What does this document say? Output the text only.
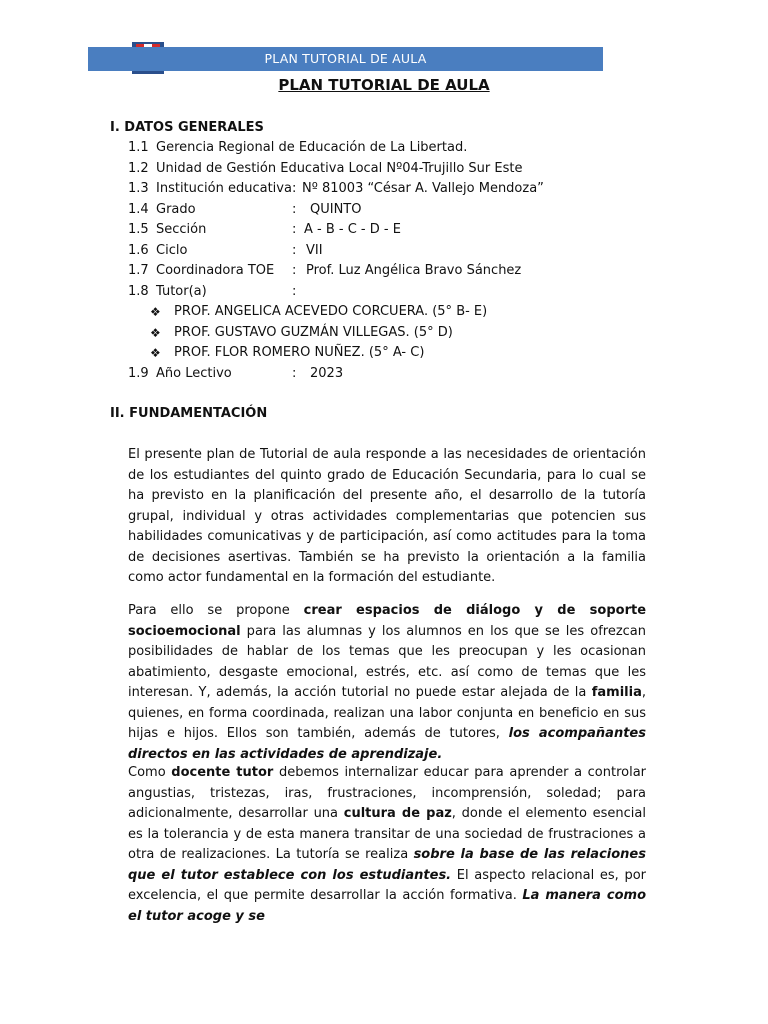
PLAN TUTORIAL DE AULA
PLAN TUTORIAL DE AULA
I. DATOS GENERALES
1.1 Gerencia Regional de Educación de La Libertad.
1.2 Unidad de Gestión Educativa Local Nº04-Trujillo Sur Este
1.3 Institución educativa: Nº 81003 “César A. Vallejo Mendoza”
1.4 Grado	: QUINTO
1.5 Sección	: A - B - C - D - E
1.6 Ciclo	: VII
1.7 Coordinadora TOE : Prof. Luz Angélica Bravo Sánchez
1.8 Tutor(a)	:
❖ PROF. ANGELICA ACEVEDO CORCUERA. (5° B- E)
❖ PROF. GUSTAVO GUZMÁN VILLEGAS. (5° D)
❖ PROF. FLOR ROMERO NUÑEZ. (5° A- C)
1.9 Año Lectivo	: 2023
II. FUNDAMENTACIÓN

El presente plan de Tutorial de aula responde a las necesidades de orientación de los estudiantes del quinto grado de Educación Secundaria, para lo cual se ha previsto en la planificación del presente año, el desarrollo de la tutoría grupal, individual y otras actividades complementarias que potencien sus habilidades comunicativas y de participación, así como actitudes para la toma de decisiones asertivas. También se ha previsto la orientación a la familia como actor fundamental en la formación del estudiante.

Para ello se propone crear espacios de diálogo y de soporte socioemocional para las alumnas y los alumnos en los que se les ofrezcan posibilidades de hablar de los temas que les preocupan y les ocasionan abatimiento, desgaste emocional, estrés, etc. así como de temas que les interesan. Y, además, la acción tutorial no puede estar alejada de la familia, quienes, en forma coordinada, realizan una labor conjunta en beneficio en sus hijas e hijos. Ellos son también, además de tutores, los acompañantes directos en las actividades de aprendizaje.

Como docente tutor debemos internalizar educar para aprender a controlar angustias, tristezas, iras, frustraciones, incomprensión, soledad; para adicionalmente, desarrollar una cultura de paz, donde el elemento esencial es la tolerancia y de esta manera transitar de una sociedad de frustraciones a otra de realizaciones. La tutoría se realiza sobre la base de las relaciones que el tutor establece con los estudiantes. El aspecto relacional es, por excelencia, el que permite desarrollar la acción formativa. La manera como el tutor acoge y se
